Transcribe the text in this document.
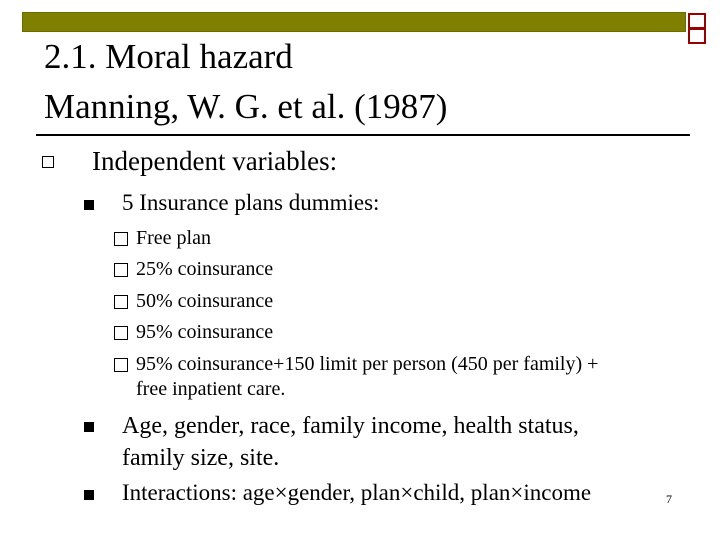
2.1. Moral hazard
Manning, W. G. et al. (1987)
Independent variables:
5 Insurance plans dummies:
Free plan
25% coinsurance
50% coinsurance
95% coinsurance
95% coinsurance+150 limit per person (450 per family) +
free inpatient care.
Age, gender, race, family income, health status,
family size, site.
Interactions: age×gender, plan×child, plan×income	7
